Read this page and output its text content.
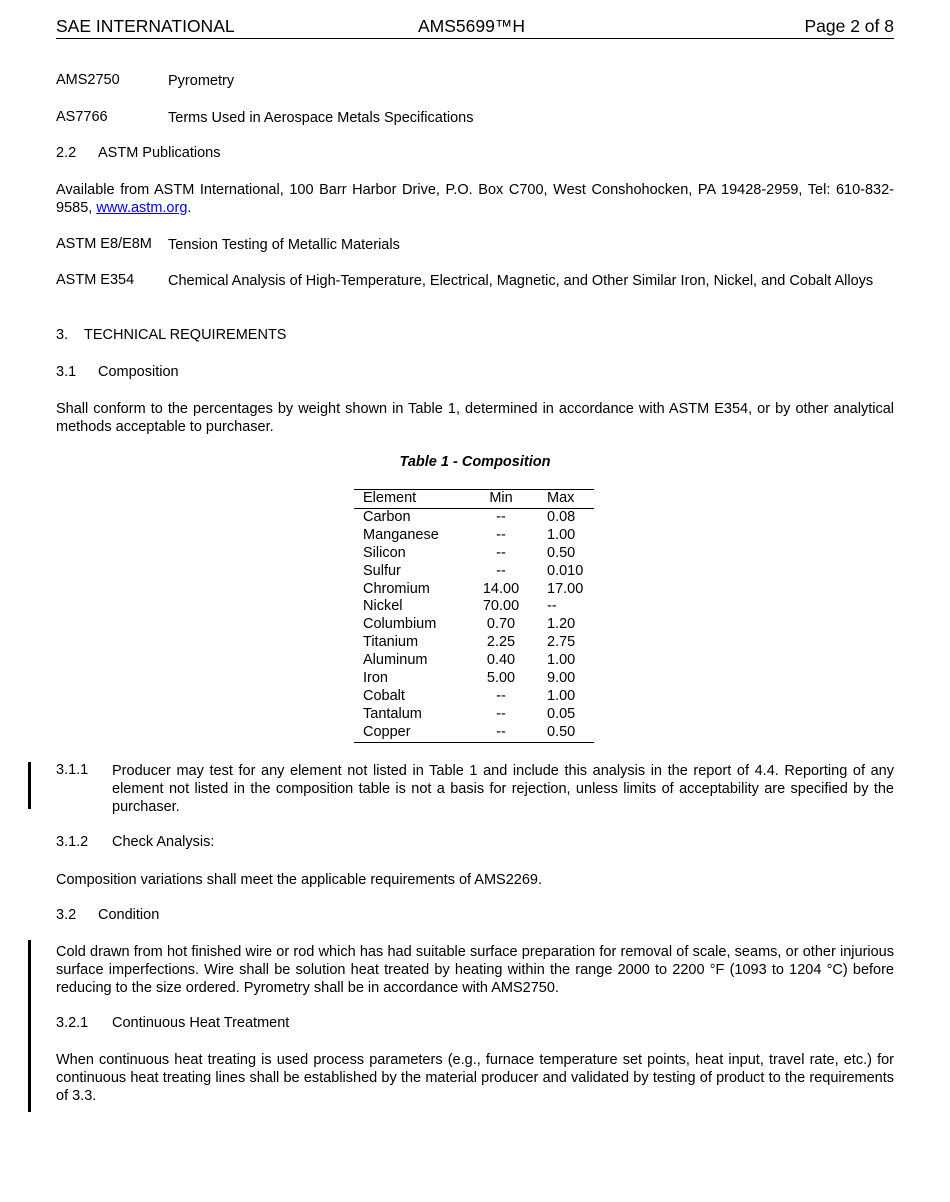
SAE INTERNATIONAL	AMS5699™H	Page 2 of 8
AMS2750	Pyrometry
AS7766	Terms Used in Aerospace Metals Specifications
2.2 ASTM Publications
Available from ASTM International, 100 Barr Harbor Drive, P.O. Box C700, West Conshohocken, PA 19428-2959, Tel: 610-832-9585, www.astm.org.
ASTM E8/E8M Tension Testing of Metallic Materials
ASTM E354 Chemical Analysis of High-Temperature, Electrical, Magnetic, and Other Similar Iron, Nickel, and Cobalt Alloys
3. TECHNICAL REQUIREMENTS
3.1 Composition
Shall conform to the percentages by weight shown in Table 1, determined in accordance with ASTM E354, or by other analytical methods acceptable to purchaser.
Table 1 - Composition
Element	Min	Max
Carbon	--	0.08
Manganese	--	1.00
Silicon	--	0.50
Sulfur	--	0.010
Chromium	14.00	17.00
Nickel	70.00	--
Columbium	0.70	1.20
Titanium	2.25	2.75
Aluminum	0.40	1.00
Iron	5.00	9.00
Cobalt	--	1.00
Tantalum	--	0.05
Copper	--	0.50
3.1.1 Producer may test for any element not listed in Table 1 and include this analysis in the report of 4.4. Reporting of any element not listed in the composition table is not a basis for rejection, unless limits of acceptability are specified by the purchaser.
3.1.2 Check Analysis:
Composition variations shall meet the applicable requirements of AMS2269.
3.2 Condition
Cold drawn from hot finished wire or rod which has had suitable surface preparation for removal of scale, seams, or other injurious surface imperfections. Wire shall be solution heat treated by heating within the range 2000 to 2200 °F (1093 to 1204 °C) before reducing to the size ordered. Pyrometry shall be in accordance with AMS2750.
3.2.1 Continuous Heat Treatment
When continuous heat treating is used process parameters (e.g., furnace temperature set points, heat input, travel rate, etc.) for continuous heat treating lines shall be established by the material producer and validated by testing of product to the requirements of 3.3.
